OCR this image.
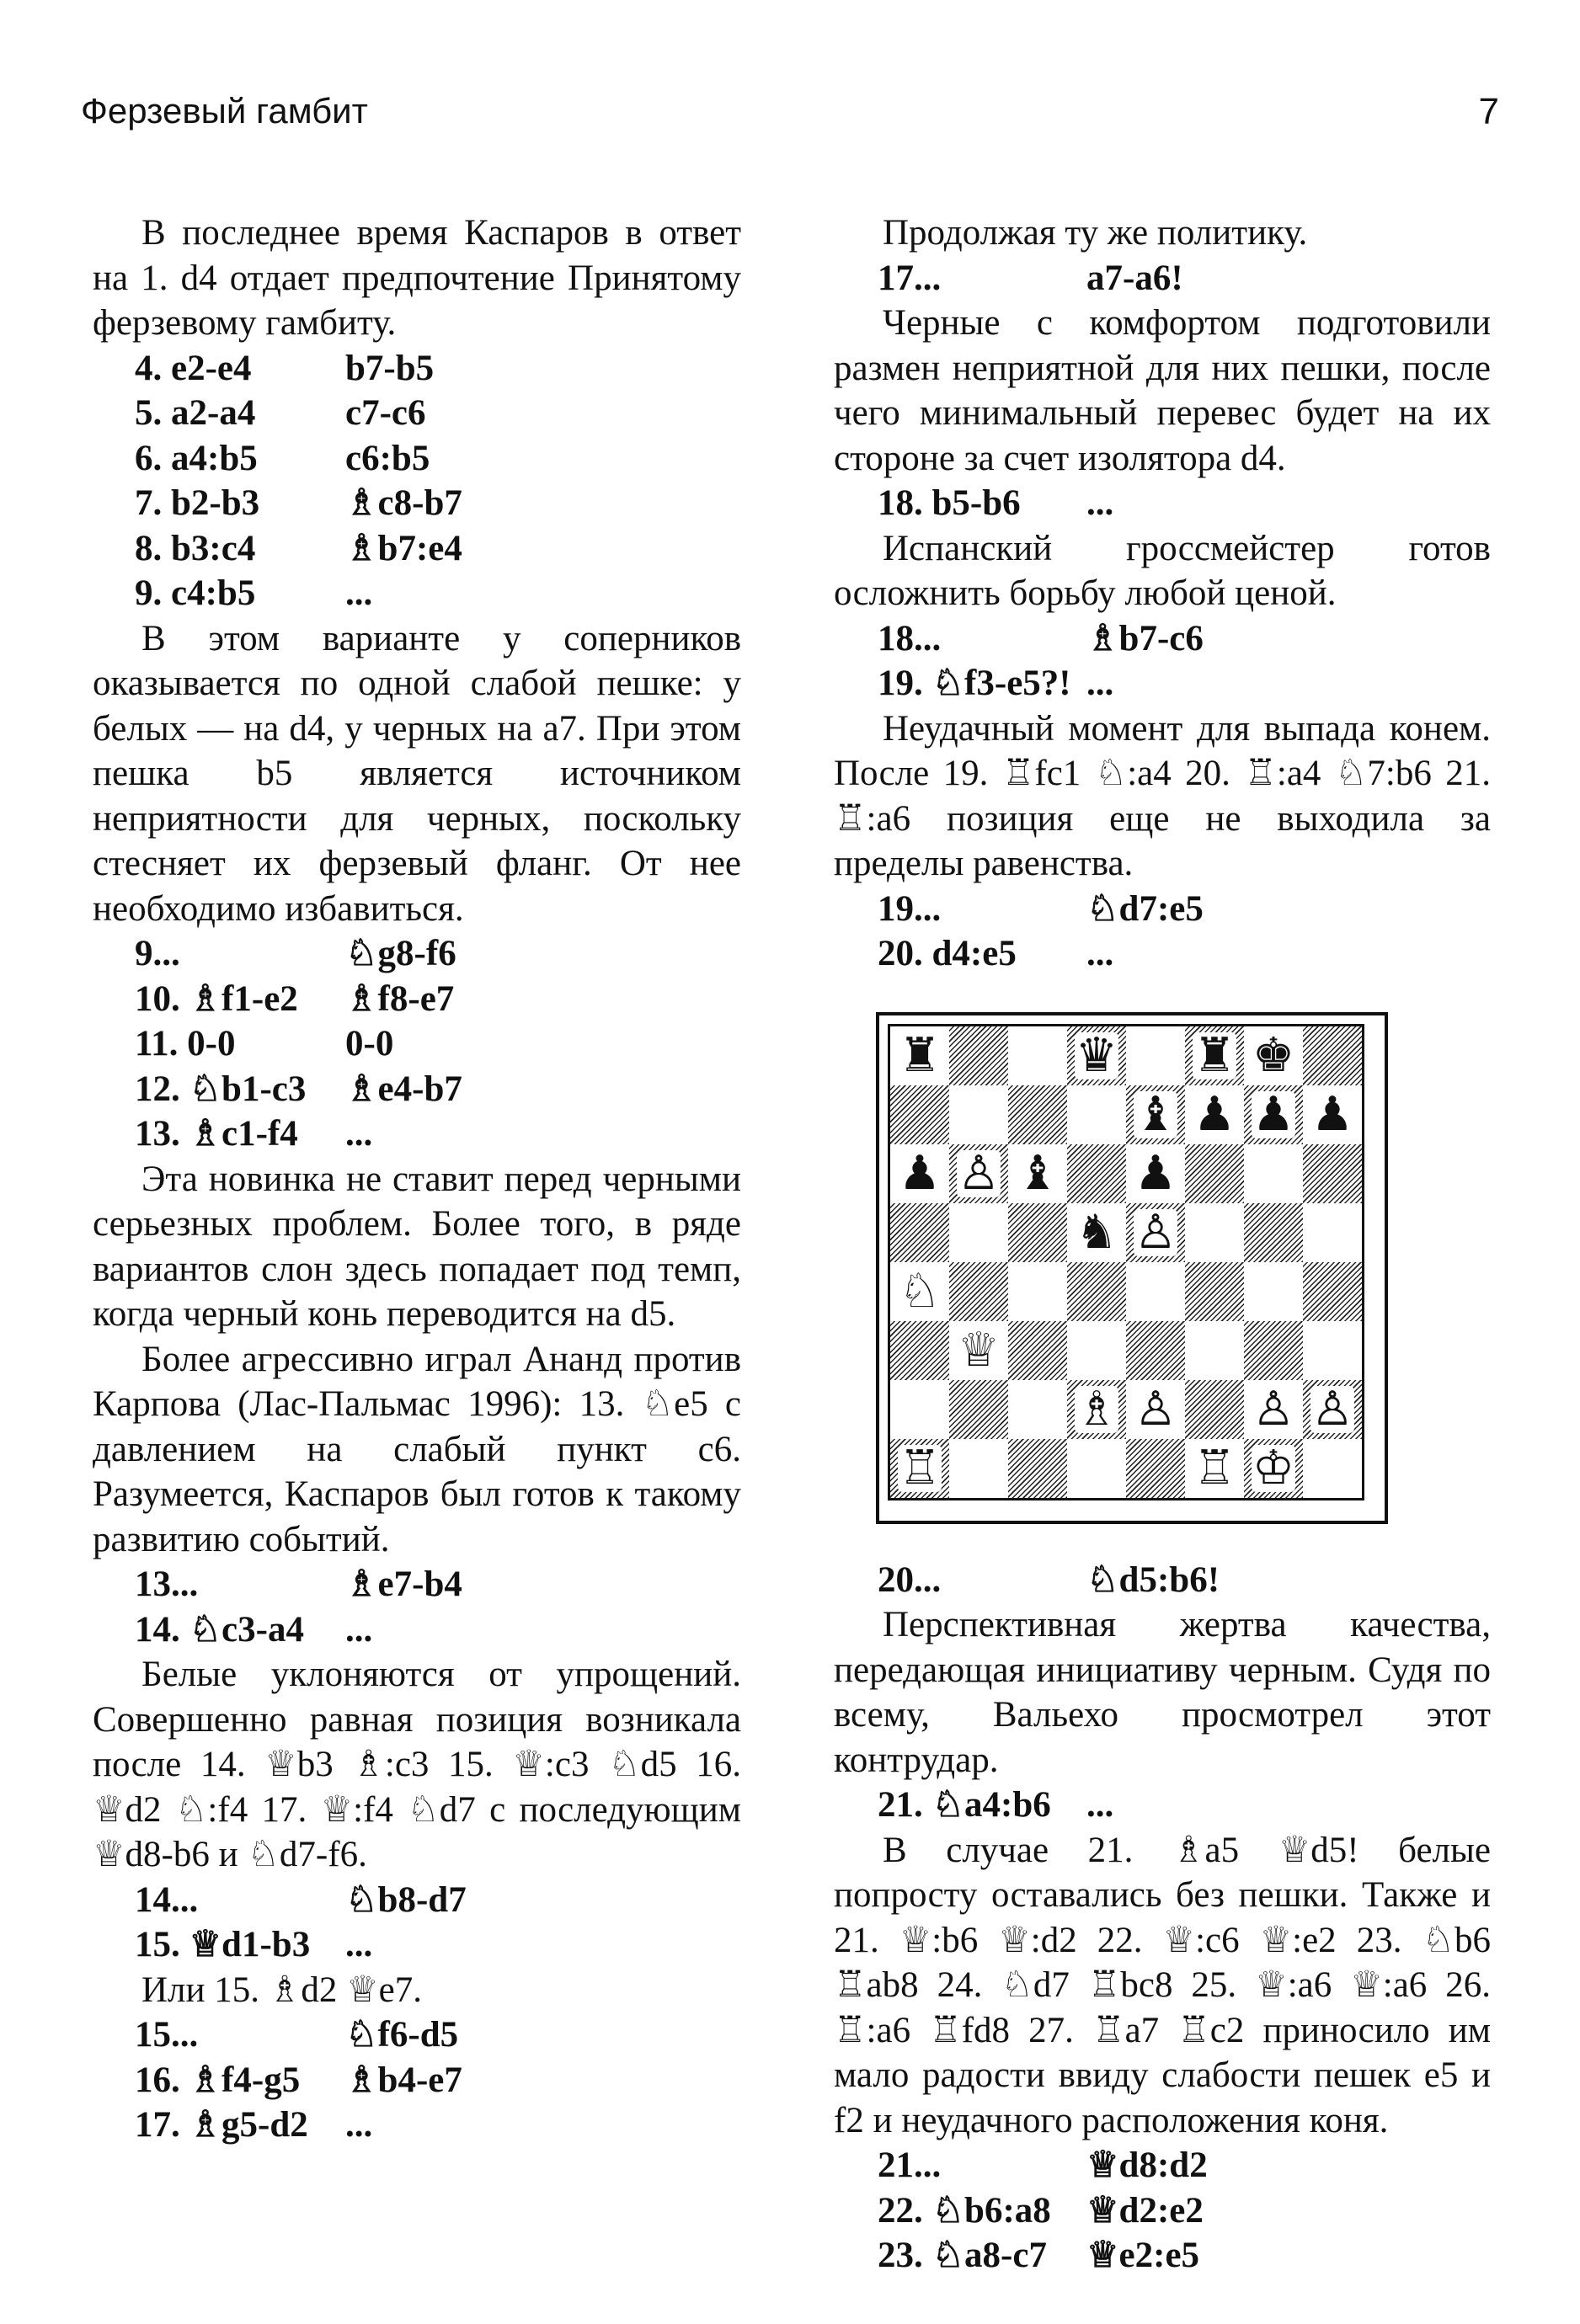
Ферзевый гамбит	7

В последнее время Каспаров в ответ на 1. d4 отдает предпочтение Принятому ферзевому гамбиту.

4. e2-e4	b7-b5
5. a2-a4	c7-c6
6. a4:b5	c6:b5
7. b2-b3	♗c8-b7
8. b3:c4	♗b7:e4
9. c4:b5	...

В этом варианте у соперников оказывается по одной слабой пешке: у белых — на d4, у черных на a7. При этом пешка b5 является источником неприятности для черных, поскольку стесняет их ферзевый фланг. От нее необходимо избавиться.

9...	♘g8-f6
10. ♗f1-e2	♗f8-e7
11. 0-0	0-0
12. ♘b1-c3	♗e4-b7
13. ♗c1-f4	...

Эта новинка не ставит перед черными серьезных проблем. Более того, в ряде вариантов слон здесь попадает под темп, когда черный конь переводится на d5.

Более агрессивно играл Ананд против Карпова (Лас-Пальмас 1996): 13. ♘e5 с давлением на слабый пункт c6. Разумеется, Каспаров был готов к такому развитию событий.

13...	♗e7-b4
14. ♘c3-a4	...

Белые уклоняются от упрощений. Совершенно равная позиция возникала после 14. ♕b3 ♗:c3 15. ♕:c3 ♘d5 16. ♕d2 ♘:f4 17. ♕:f4 ♘d7 с последующим ♕d8-b6 и ♘d7-f6.

14...	♘b8-d7
15. ♕d1-b3 ...

Или 15. ♗d2 ♕e7.

15...	♘f6-d5
16. ♗f4-g5	♗b4-e7
17. ♗g5-d2	...

Продолжая ту же политику.

17...	a7-a6!

Черные с комфортом подготовили размен неприятной для них пешки, после чего минимальный перевес будет на их стороне за счет изолятора d4.

18. b5-b6	...

Испанский гроссмейстер готов осложнить борьбу любой ценой.

18...	♗b7-c6
19. ♘f3-e5?! ...

Неудачный момент для выпада конем. После 19. ♖fc1 ♘:a4 20. ♖:a4 ♘7:b6 21. ♖:a6 позиция еще не выходила за пределы равенства.

19...	♘d7:e5
20. d4:e5	...
♜	♛ ♜ ♚
♝ ♟ ♟ ♟
♟ ♙ ♝ ♟
♞ ♙
♘
♕
♗ ♙ ♙ ♙
♖	♖ ♔
20...	♘d5:b6!

Перспективная жертва качества, передающая инициативу черным. Судя по всему, Вальехо просмотрел этот контрудар.

21. ♘a4:b6 ...

В случае 21. ♗a5 ♕d5! белые попросту оставались без пешки. Также и 21. ♕:b6 ♕:d2 22. ♕:c6 ♕:e2 23. ♘b6 ♖ab8 24. ♘d7 ♖bc8 25. ♕:a6 ♕:a6 26. ♖:a6 ♖fd8 27. ♖a7 ♖c2 приносило им мало радости ввиду слабости пешек e5 и f2 и неудачного расположения коня.

21...	♕d8:d2
22. ♘b6:a8 ♕d2:e2
23. ♘a8-c7	♕e2:e5
